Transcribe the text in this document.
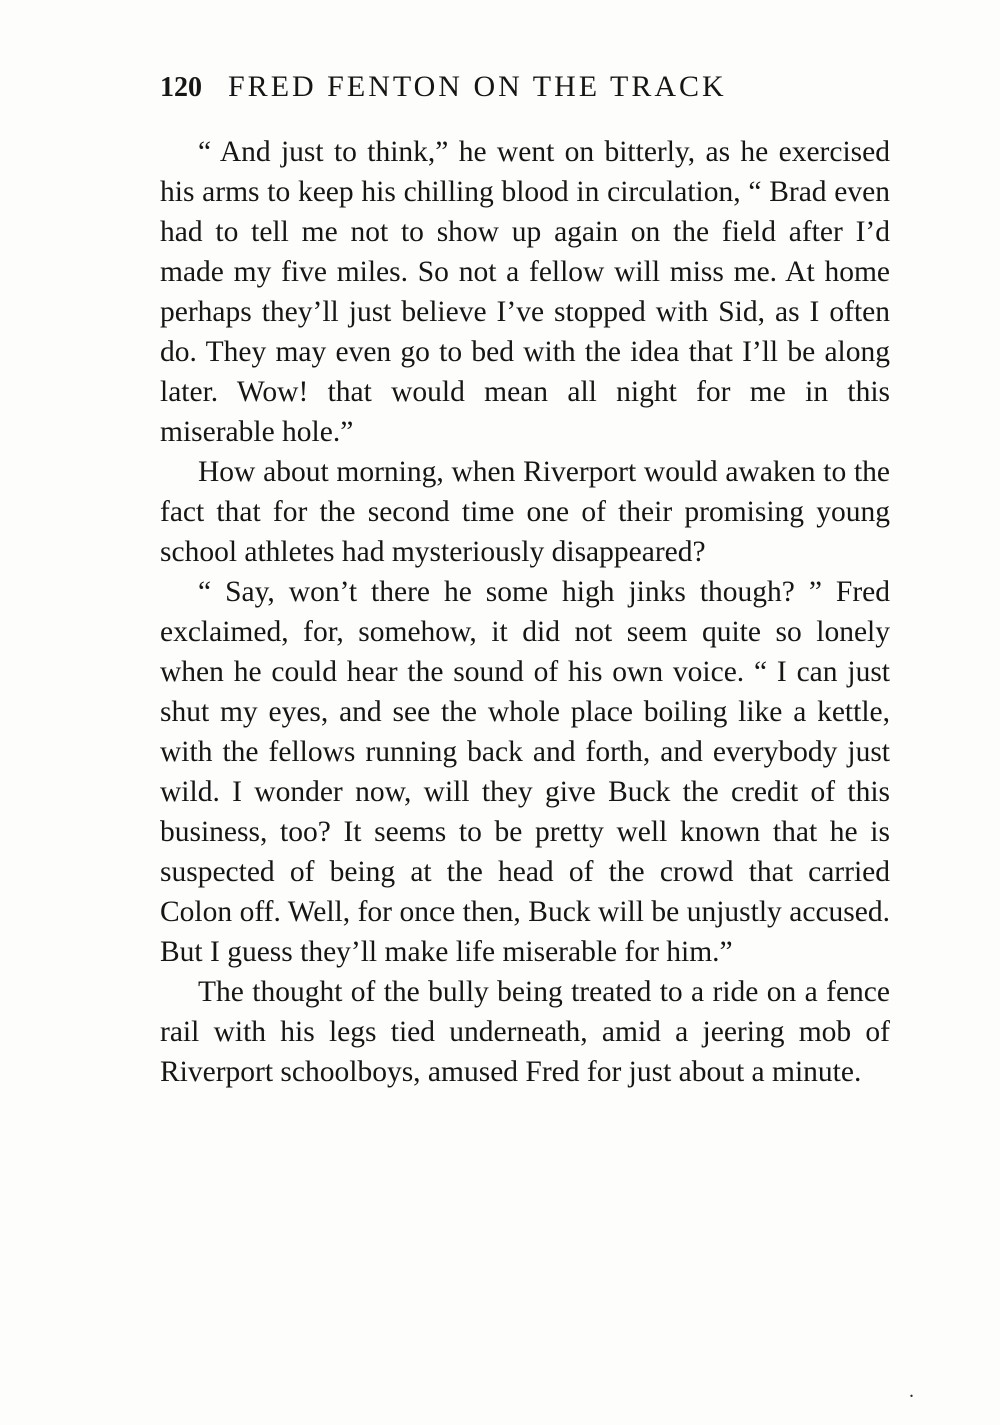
120 FRED FENTON ON THE TRACK

“ And just to think,” he went on bitterly, as he exercised his arms to keep his chilling blood in circulation, “ Brad even had to tell me not to show up again on the field after I’d made my five miles. So not a fellow will miss me. At home perhaps they’ll just believe I’ve stopped with Sid, as I often do. They may even go to bed with the idea that I’ll be along later. Wow! that would mean all night for me in this miserable hole.”

How about morning, when Riverport would awaken to the fact that for the second time one of their promising young school athletes had mysteriously disappeared?

“ Say, won’t there he some high jinks though? ” Fred exclaimed, for, somehow, it did not seem quite so lonely when he could hear the sound of his own voice. “ I can just shut my eyes, and see the whole place boiling like a kettle, with the fellows running back and forth, and everybody just wild. I wonder now, will they give Buck the credit of this business, too? It seems to be pretty well known that he is suspected of being at the head of the crowd that carried Colon off. Well, for once then, Buck will be unjustly accused. But I guess they’ll make life miserable for him.”

The thought of the bully being treated to a ride on a fence rail with his legs tied underneath, amid a jeering mob of Riverport schoolboys, amused Fred for just about a minute.

.
